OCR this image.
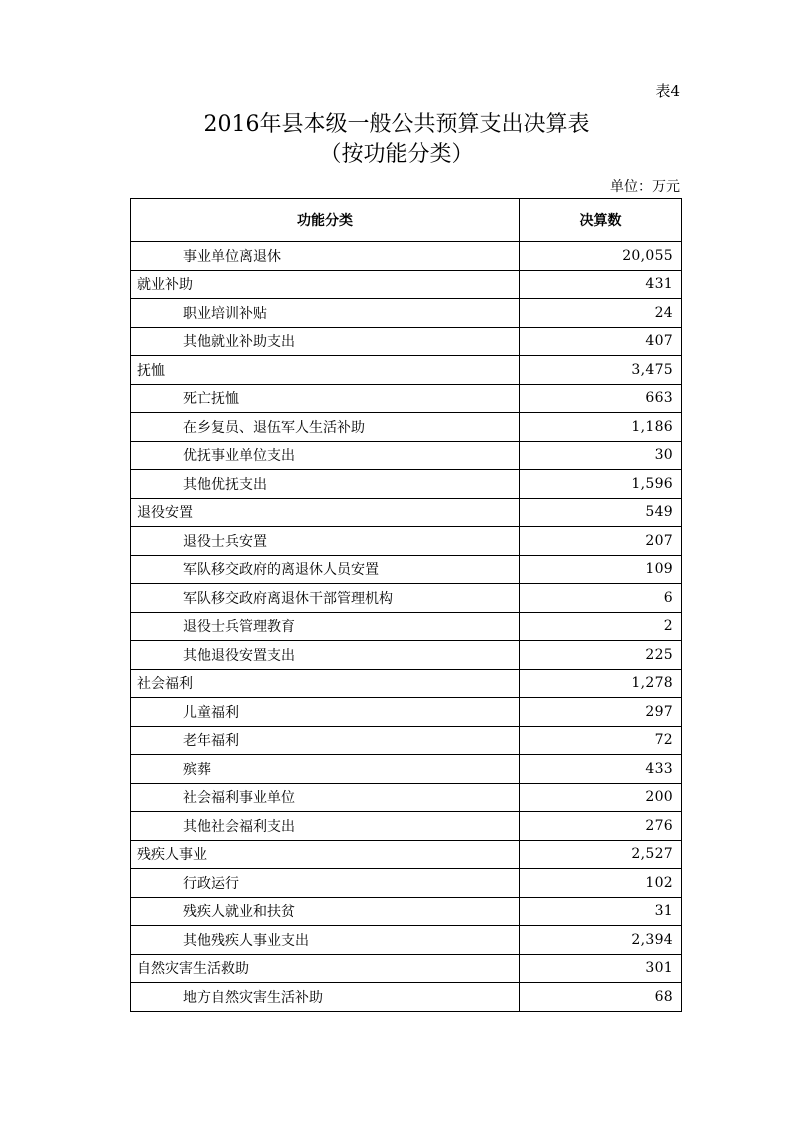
表4
2016年县本级一般公共预算支出决算表
（按功能分类）
单位：万元
功能分类	决算数
事业单位离退休	20,055
就业补助	431
职业培训补贴	24
其他就业补助支出	407
抚恤	3,475
死亡抚恤	663
在乡复员、退伍军人生活补助	1,186
优抚事业单位支出	30
其他优抚支出	1,596
退役安置	549
退役士兵安置	207
军队移交政府的离退休人员安置	109
军队移交政府离退休干部管理机构	6
退役士兵管理教育	2
其他退役安置支出	225
社会福利	1,278
儿童福利	297
老年福利	72
殡葬	433
社会福利事业单位	200
其他社会福利支出	276
残疾人事业	2,527
行政运行	102
残疾人就业和扶贫	31
其他残疾人事业支出	2,394
自然灾害生活救助	301
地方自然灾害生活补助	68
